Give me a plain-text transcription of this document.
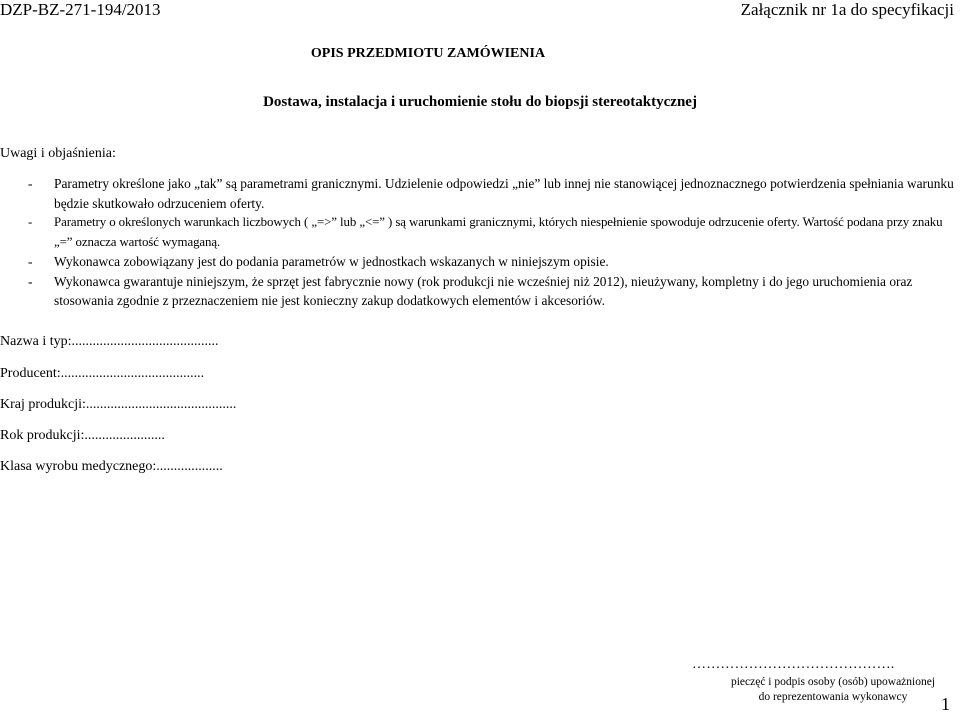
DZP-BZ-271-194/2013	Załącznik nr 1a do specyfikacji
OPIS PRZEDMIOTU ZAMÓWIENIA
Dostawa, instalacja i uruchomienie stołu do biopsji stereotaktycznej
Uwagi i objaśnienia:
- Parametry określone jako „tak” są parametrami granicznymi. Udzielenie odpowiedzi „nie” lub innej nie stanowiącej jednoznacznego potwierdzenia spełniania warunku będzie skutkowało odrzuceniem oferty.
- Parametry o określonych warunkach liczbowych ( „=>” lub „<=” ) są warunkami granicznymi, których niespełnienie spowoduje odrzucenie oferty. Wartość podana przy znaku „=” oznacza wartość wymaganą.
- Wykonawca zobowiązany jest do podania parametrów w jednostkach wskazanych w niniejszym opisie.
- Wykonawca gwarantuje niniejszym, że sprzęt jest fabrycznie nowy (rok produkcji nie wcześniej niż 2012), nieużywany, kompletny i do jego uruchomienia oraz stosowania zgodnie z przeznaczeniem nie jest konieczny zakup dodatkowych elementów i akcesoriów.
Nazwa i typ:..........................................
Producent:.........................................
Kraj produkcji:...........................................
Rok produkcji:.......................
Klasa wyrobu medycznego:...................
…………………………………….
pieczęć i podpis osoby (osób) upoważnionej do reprezentowania wykonawcy	1
